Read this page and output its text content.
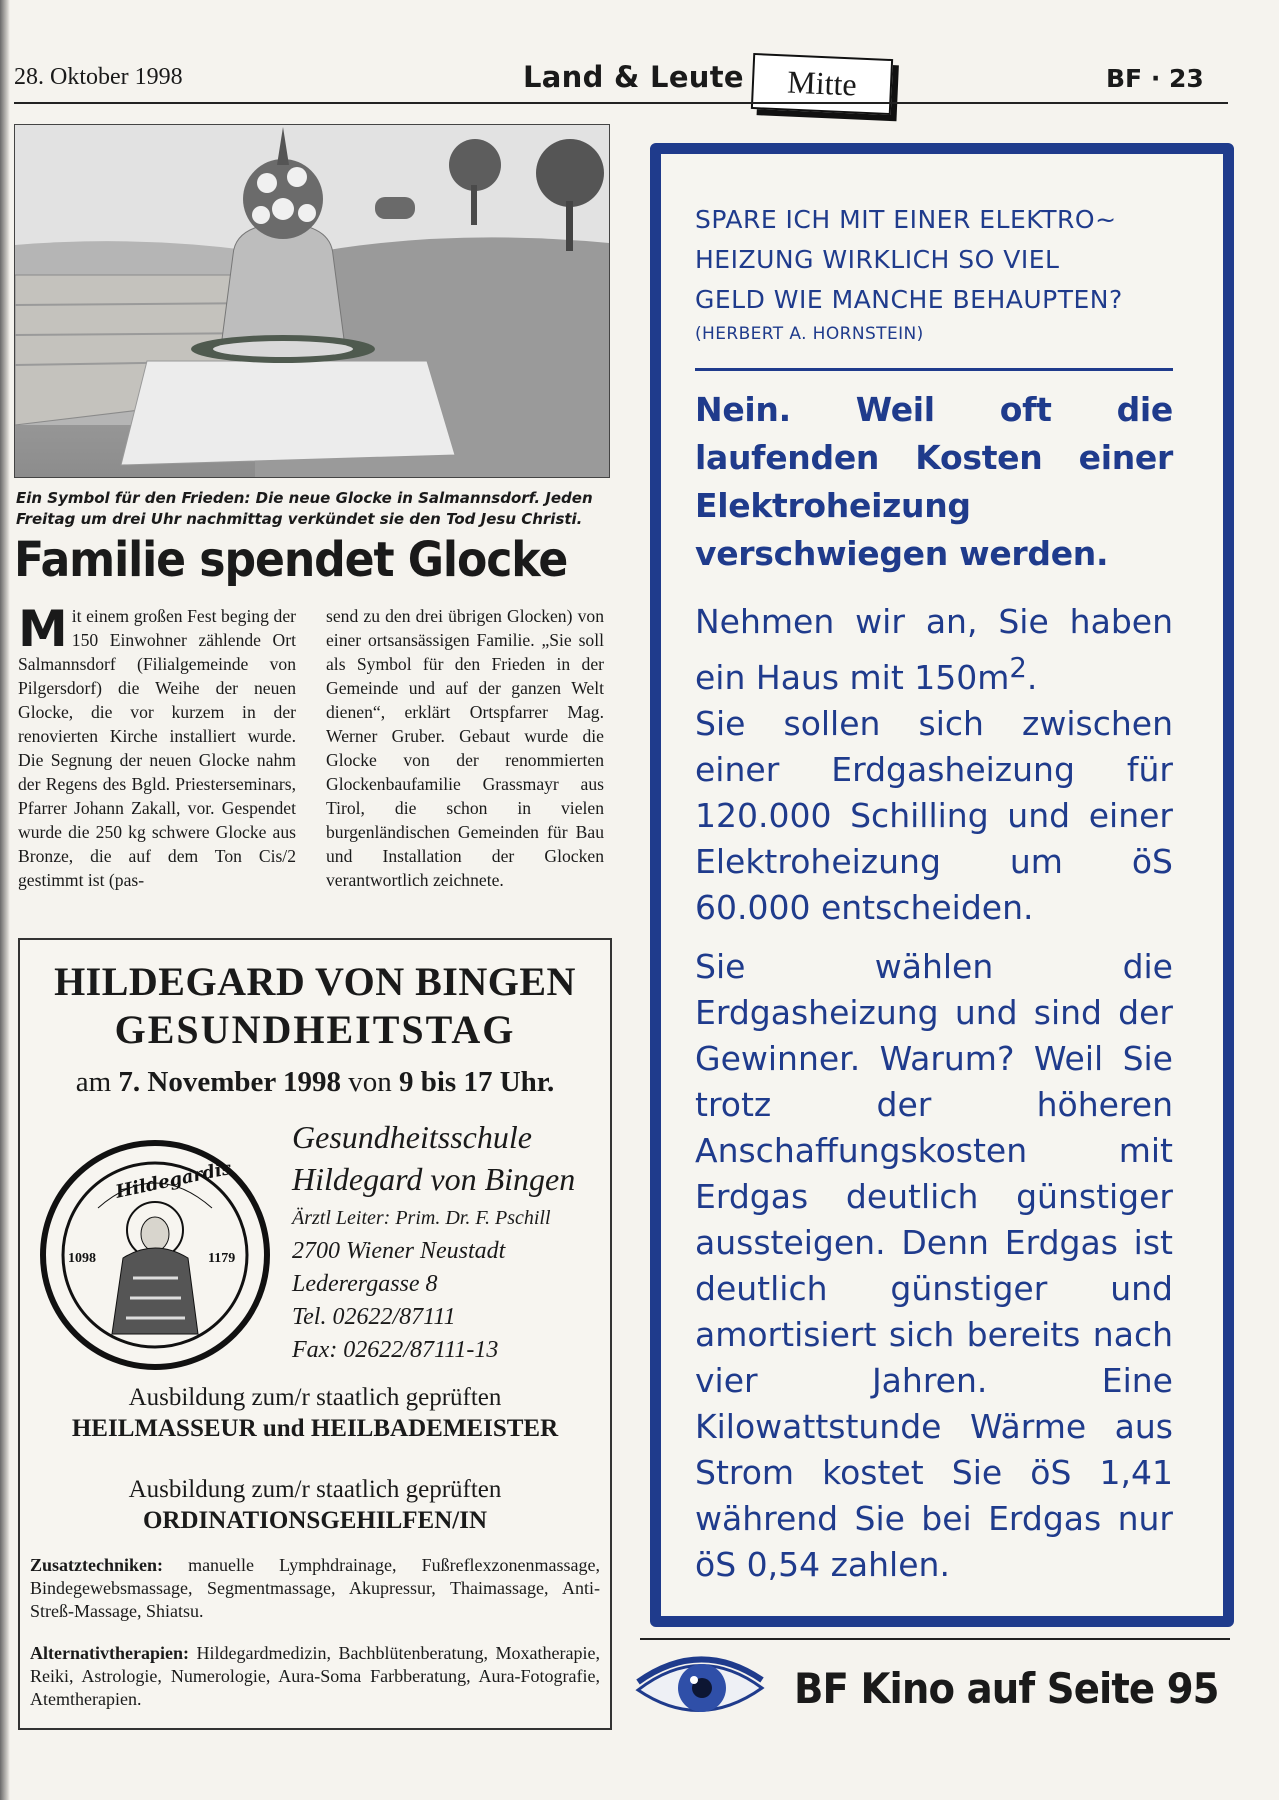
28. Oktober 1998	Land & Leute	Mitte	BF · 23
Ein Symbol für den Frieden: Die neue Glocke in Salmannsdorf. Jeden Freitag um drei Uhr nachmittag verkündet sie den Tod Jesu Christi.
Familie spendet Glocke
M it einem großen Fest beging der 150 Einwohner zählende Ort Salmannsdorf (Filialgemeinde von Pilgersdorf) die Weihe der neuen Glocke, die vor kurzem in der renovierten Kirche installiert wurde. Die Segnung der neuen Glocke nahm der Regens des Bgld. Priesterseminars, Pfarrer Johann Zakall, vor. Gespendet wurde die 250 kg schwere Glocke aus Bronze, die auf dem Ton Cis/2 gestimmt ist (pas-

send zu den drei übrigen Glocken) von einer ortsansässigen Familie. „Sie soll als Symbol für den Frieden in der Gemeinde und auf der ganzen Welt dienen“, erklärt Ortspfarrer Mag. Werner Gruber. Gebaut wurde die Glocke von der renommierten Glockenbaufamilie Grassmayr aus Tirol, die schon in vielen burgenländischen Gemeinden für Bau und Installation der Glocken verantwortlich zeichnete.

HILDEGARD VON BINGEN
GESUNDHEITSTAG
am 7. November 1998 von 9 bis 17 Uhr.
Hildegardis
1098	1179
Gesundheitsschule
Hildegard von Bingen
Ärztl Leiter: Prim. Dr. F. Pschill
2700 Wiener Neustadt
Lederergasse 8
Tel. 02622/87111
Fax: 02622/87111-13
Ausbildung zum/r staatlich geprüften
HEILMASSEUR und HEILBADEMEISTER
Ausbildung zum/r staatlich geprüften
ORDINATIONSGEHILFEN/IN
Zusatztechniken: manuelle Lymphdrainage, Fußreflexzonenmassage, Bindegewebsmassage, Segmentmassage, Akupressur, Thaimassage, Anti-Streß-Massage, Shiatsu.
Alternativtherapien: Hildegardmedizin, Bachblütenberatung, Moxatherapie, Reiki, Astrologie, Numerologie, Aura-Soma Farbberatung, Aura-Fotografie, Atemtherapien.
SPARE ICH MIT EINER ELEKTRO~
HEIZUNG WIRKLICH SO VIEL
GELD WIE MANCHE BEHAUPTEN?
(HERBERT A. HORNSTEIN)
Nein. Weil oft die laufenden Kosten einer Elektroheizung verschwiegen werden.

Nehmen wir an, Sie haben ein Haus mit $150m^2$.

Sie sollen sich zwischen einer Erdgasheizung für 120.000 Schilling und einer Elektroheizung um öS 60.000 entscheiden.

Sie wählen die Erdgasheizung und sind der Gewinner. Warum? Weil Sie trotz der höheren Anschaffungskosten mit Erdgas deutlich günstiger aussteigen. Denn Erdgas ist deutlich günstiger und amortisiert sich bereits nach vier Jahren. Eine Kilowattstunde Wärme aus Strom kostet Sie öS 1,41 während Sie bei Erdgas nur öS 0,54 zahlen.

BF Kino auf Seite 95
